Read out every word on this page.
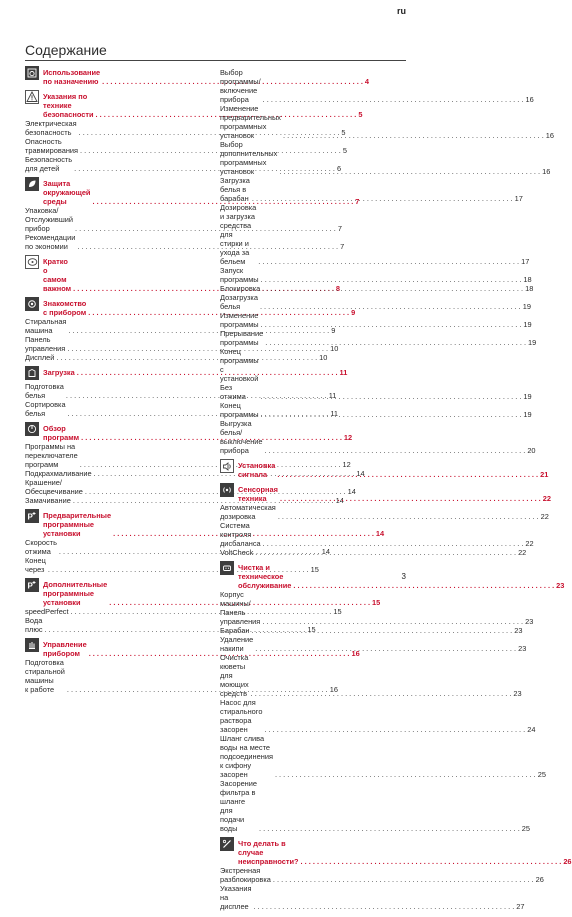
ru
Содержание
Использование по назначению . . .	4
Указания по технике
безопасности . . .	5
Электрическая безопасность . . .	5
Опасность травмирования . . .	5
Безопасность для детей . . .	6
Защита окружающей среды . . .	7
Упаковка/Отслуживший прибор . . .	7
Рекомендации по экономии . . .	7
Кратко о самом важном . . .	8
Знакомство с прибором . . .	9
Стиральная машина . . .	9
Панель управления . . .	10
Дисплей . . .	10
Загрузка . . .	11
Подготовка белья . . .	11
Сортировка белья . . .	11
Обзор программ . . .	12
Программы на переключателе
программ . . .	12
Подкрахмаливание . . .	14
Крашение/Обесцвечивание . . .	14
Замачивание . . .	14
P Предварительные программные
установки . . .	14
Скорость отжима . . .	14
Конец через . . .	15
P Дополнительные программные
установки . . .	15
speedPerfect . . .	15
Вода плюс . . .	15
Управление прибором . . .	16
Подготовка стиральной машины
к работе . . .	16
Выбор программы/включение
прибора . . .	16
Изменение предварительных
программных установок . . .	16
Выбор дополнительных программных
установок . . .	16
Загрузка белья в барабан . . .	17
Дозировка и загрузка средства для
стирки и ухода за бельем . . .	17
Запуск программы . . .	18
Блокировка . . .	18
Дозагрузка белья . . .	19
Изменение программы . . .	19
Прерывание программы . . .	19
Конец программы с установкой
Без отжима . . .	19
Конец программы . . .	19
Выгрузка белья/выключение
прибора . . .	20
Установка сигнала . . .	21
Сенсорная техника . . .	22
Автоматическая дозировка . . .	22
Система контроля дисбаланса . . .	22
VoltCheck . . .	22
Чистка и техническое
обслуживание . . .	23
Корпус машины/Панель управления . . .	23
Барабан . . .	23
Удаление накипи . . .	23
Очистка кюветы для моющих
средств . . .	23
Насос для стирального раствора
засорен . . .	24
Шланг слива воды на месте
подсоединения к сифону засорен . . .	25
Засорение фильтра в шланге для
подачи воды . . .	25
Что делать в случае
неисправности? . . .	26
Экстренная разблокировка . . .	26
Указания на дисплее . . .	27
3
